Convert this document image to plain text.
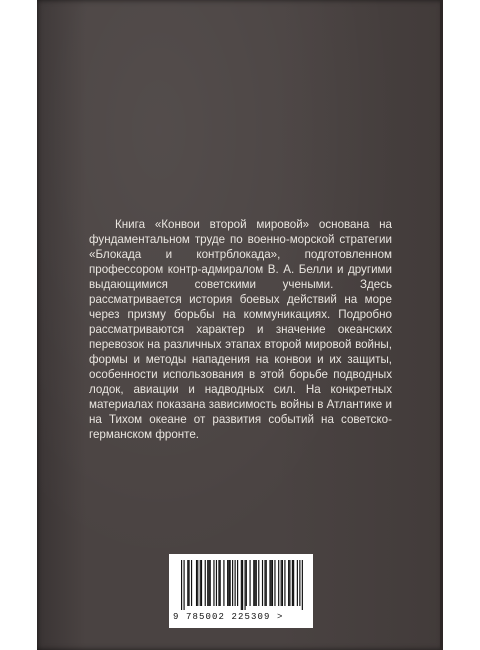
Книга «Конвои второй мировой» основана на фундаментальном труде по военно-морской стратегии «Блокада и контрблокада», подготовленном профессором контр-адмиралом В. А. Белли и другими выдающимися советскими учеными. Здесь рассматривается история боевых действий на море через призму борьбы на коммуникациях. Подробно рассматриваются характер и значение океанских перевозок на различных этапах второй мировой войны, формы и методы нападения на конвои и их защиты, особенности использования в этой борьбе подводных лодок, авиации и надводных сил. На конкретных материалах показана зависимость войны в Атлантике и на Тихом океане от развития событий на советско-германском фронте.

9 785002 225309 >
